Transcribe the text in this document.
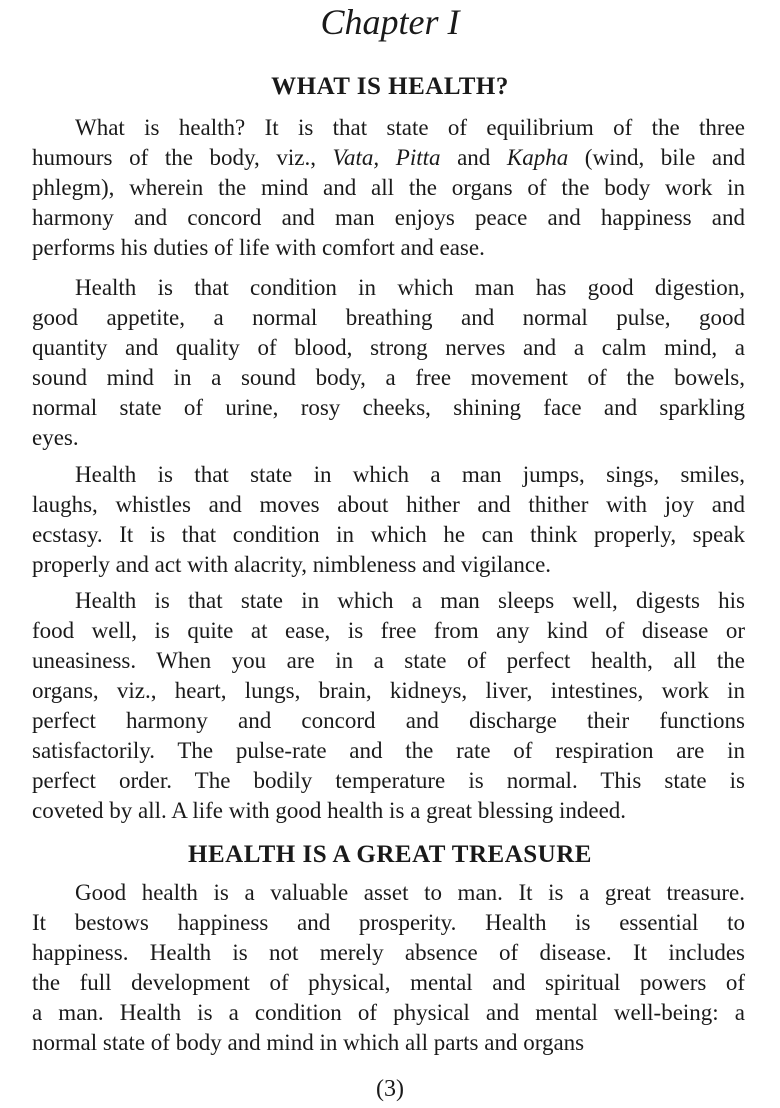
Chapter I
WHAT IS HEALTH?
What is health? It is that state of equilibrium of the three
humours of the body, viz., Vata, Pitta and Kapha (wind, bile and
phlegm), wherein the mind and all the organs of the body work in
harmony and concord and man enjoys peace and happiness and
performs his duties of life with comfort and ease.
Health is that condition in which man has good digestion,
good appetite, a normal breathing and normal pulse, good
quantity and quality of blood, strong nerves and a calm mind, a
sound mind in a sound body, a free movement of the bowels,
normal state of urine, rosy cheeks, shining face and sparkling
eyes.
Health is that state in which a man jumps, sings, smiles,
laughs, whistles and moves about hither and thither with joy and
ecstasy. It is that condition in which he can think properly, speak
properly and act with alacrity, nimbleness and vigilance.
Health is that state in which a man sleeps well, digests his
food well, is quite at ease, is free from any kind of disease or
uneasiness. When you are in a state of perfect health, all the
organs, viz., heart, lungs, brain, kidneys, liver, intestines, work in
perfect harmony and concord and discharge their functions
satisfactorily. The pulse-rate and the rate of respiration are in
perfect order. The bodily temperature is normal. This state is
coveted by all. A life with good health is a great blessing indeed.
HEALTH IS A GREAT TREASURE
Good health is a valuable asset to man. It is a great treasure.
It bestows happiness and prosperity. Health is essential to
happiness. Health is not merely absence of disease. It includes
the full development of physical, mental and spiritual powers of
a man. Health is a condition of physical and mental well-being: a
normal state of body and mind in which all parts and organs
(3)
